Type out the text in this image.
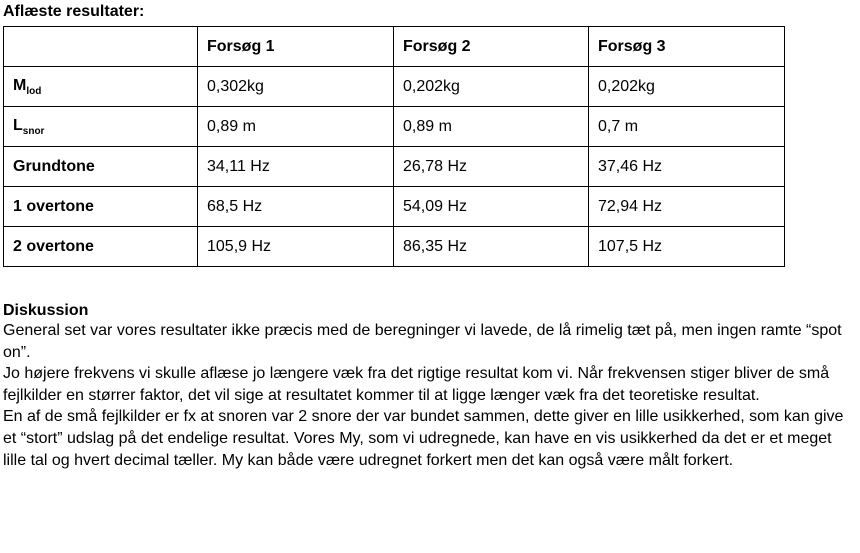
Aflæste resultater:
	Forsøg 1	Forsøg 2	Forsøg 3
$M_{lod}$	0,302kg	0,202kg	0,202kg
$L_{snor}$	0,89 m	0,89 m	0,7 m
Grundtone	34,11 Hz	26,78 Hz	37,46 Hz
1 overtone	68,5 Hz	54,09 Hz	72,94 Hz
2 overtone	105,9 Hz	86,35 Hz	107,5 Hz
Diskussion

General set var vores resultater ikke præcis med de beregninger vi lavede, de lå rimelig tæt på, men ingen ramte “spot on”.

Jo højere frekvens vi skulle aflæse jo længere væk fra det rigtige resultat kom vi. Når frekvensen stiger bliver de små fejlkilder en størrer faktor, det vil sige at resultatet kommer til at ligge længer væk fra det teoretiske resultat.

En af de små fejlkilder er fx at snoren var 2 snore der var bundet sammen, dette giver en lille usikkerhed, som kan give et “stort” udslag på det endelige resultat. Vores My, som vi udregnede, kan have en vis usikkerhed da det er et meget lille tal og hvert decimal tæller. My kan både være udregnet forkert men det kan også være målt forkert.
